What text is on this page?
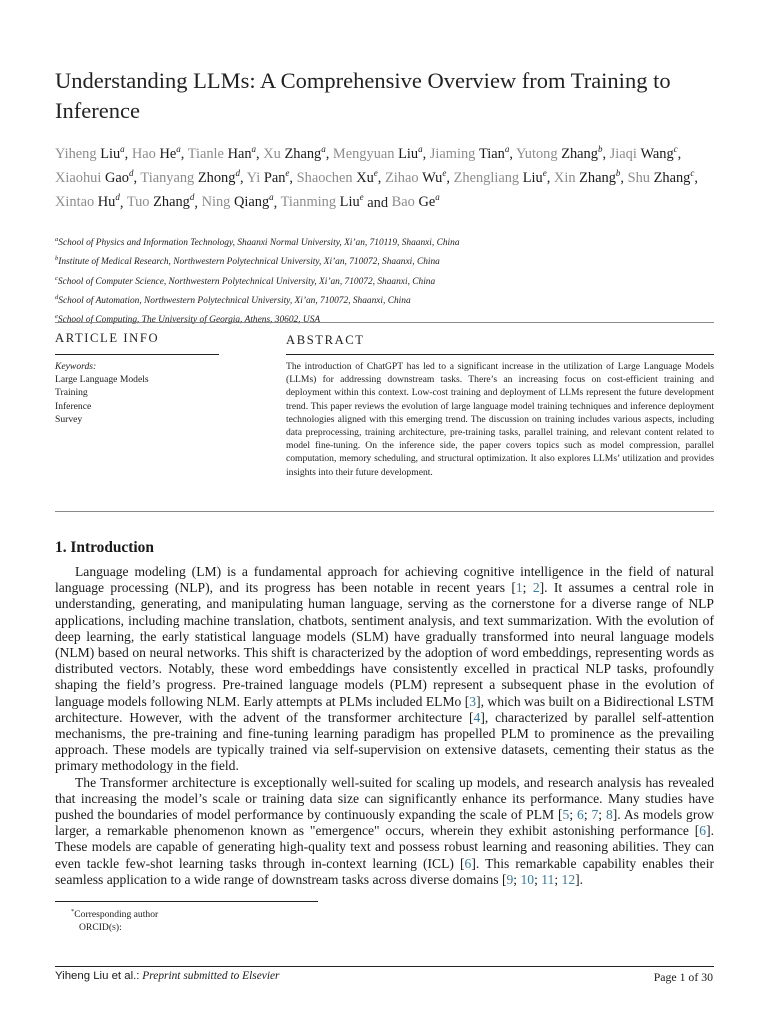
Understanding LLMs: A Comprehensive Overview from Training to Inference
Yiheng Liu$^a$, Hao He$^a$, Tianle Han$^a$, Xu Zhang$^a$, Mengyuan Liu$^a$, Jiaming Tian$^a$, Yutong Zhang$^b$, Jiaqi Wang$^c$, Xiaohui Gao$^d$, Tianyang Zhong$^d$, Yi Pan$^e$, Shaochen Xu$^e$, Zihao Wu$^e$, Zhengliang Liu$^e$, Xin Zhang$^b$, Shu Zhang$^c$, Xintao Hu$^d$, Tuo Zhang$^d$, Ning Qiang$^a$, Tianming Liu$^e$ and Bao Ge$^a$
$^a$School of Physics and Information Technology, Shaanxi Normal University, Xi’an, 710119, Shaanxi, China
$^b$Institute of Medical Research, Northwestern Polytechnical University, Xi’an, 710072, Shaanxi, China
$^c$School of Computer Science, Northwestern Polytechnical University, Xi’an, 710072, Shaanxi, China
$^d$School of Automation, Northwestern Polytechnical University, Xi’an, 710072, Shaanxi, China
$^e$School of Computing, The University of Georgia, Athens, 30602, USA
ARTICLE INFO
Keywords:
Large Language Models
Training
Inference
Survey
ABSTRACT
The introduction of ChatGPT has led to a significant increase in the utilization of Large Language Models (LLMs) for addressing downstream tasks. There’s an increasing focus on cost-efficient training and deployment within this context. Low-cost training and deployment of LLMs represent the future development trend. This paper reviews the evolution of large language model training techniques and inference deployment technologies aligned with this emerging trend. The discussion on training includes various aspects, including data preprocessing, training architecture, pre-training tasks, parallel training, and relevant content related to model fine-tuning. On the inference side, the paper covers topics such as model compression, parallel computation, memory scheduling, and structural optimization. It also explores LLMs’ utilization and provides insights into their future development.
1. Introduction

Language modeling (LM) is a fundamental approach for achieving cognitive intelligence in the field of natural language processing (NLP), and its progress has been notable in recent years [1; 2]. It assumes a central role in understanding, generating, and manipulating human language, serving as the cornerstone for a diverse range of NLP applications, including machine translation, chatbots, sentiment analysis, and text summarization. With the evolution of deep learning, the early statistical language models (SLM) have gradually transformed into neural language models (NLM) based on neural networks. This shift is characterized by the adoption of word embeddings, representing words as distributed vectors. Notably, these word embeddings have consistently excelled in practical NLP tasks, profoundly shaping the field’s progress. Pre-trained language models (PLM) represent a subsequent phase in the evolution of language models following NLM. Early attempts at PLMs included ELMo [3], which was built on a Bidirectional LSTM architecture. However, with the advent of the transformer architecture [4], characterized by parallel self-attention mechanisms, the pre-training and fine-tuning learning paradigm has propelled PLM to prominence as the prevailing approach. These models are typically trained via self-supervision on extensive datasets, cementing their status as the primary methodology in the field.

The Transformer architecture is exceptionally well-suited for scaling up models, and research analysis has revealed that increasing the model’s scale or training data size can significantly enhance its performance. Many studies have pushed the boundaries of model performance by continuously expanding the scale of PLM [5; 6; 7; 8]. As models grow larger, a remarkable phenomenon known as "emergence" occurs, wherein they exhibit astonishing performance [6]. These models are capable of generating high-quality text and possess robust learning and reasoning abilities. They can even tackle few-shot learning tasks through in-context learning (ICL) [6]. This remarkable capability enables their seamless application to a wide range of downstream tasks across diverse domains [9; 10; 11; 12].

*Corresponding author
ORCID(s):
Yiheng Liu et al.: Preprint submitted to Elsevier	Page 1 of 30
